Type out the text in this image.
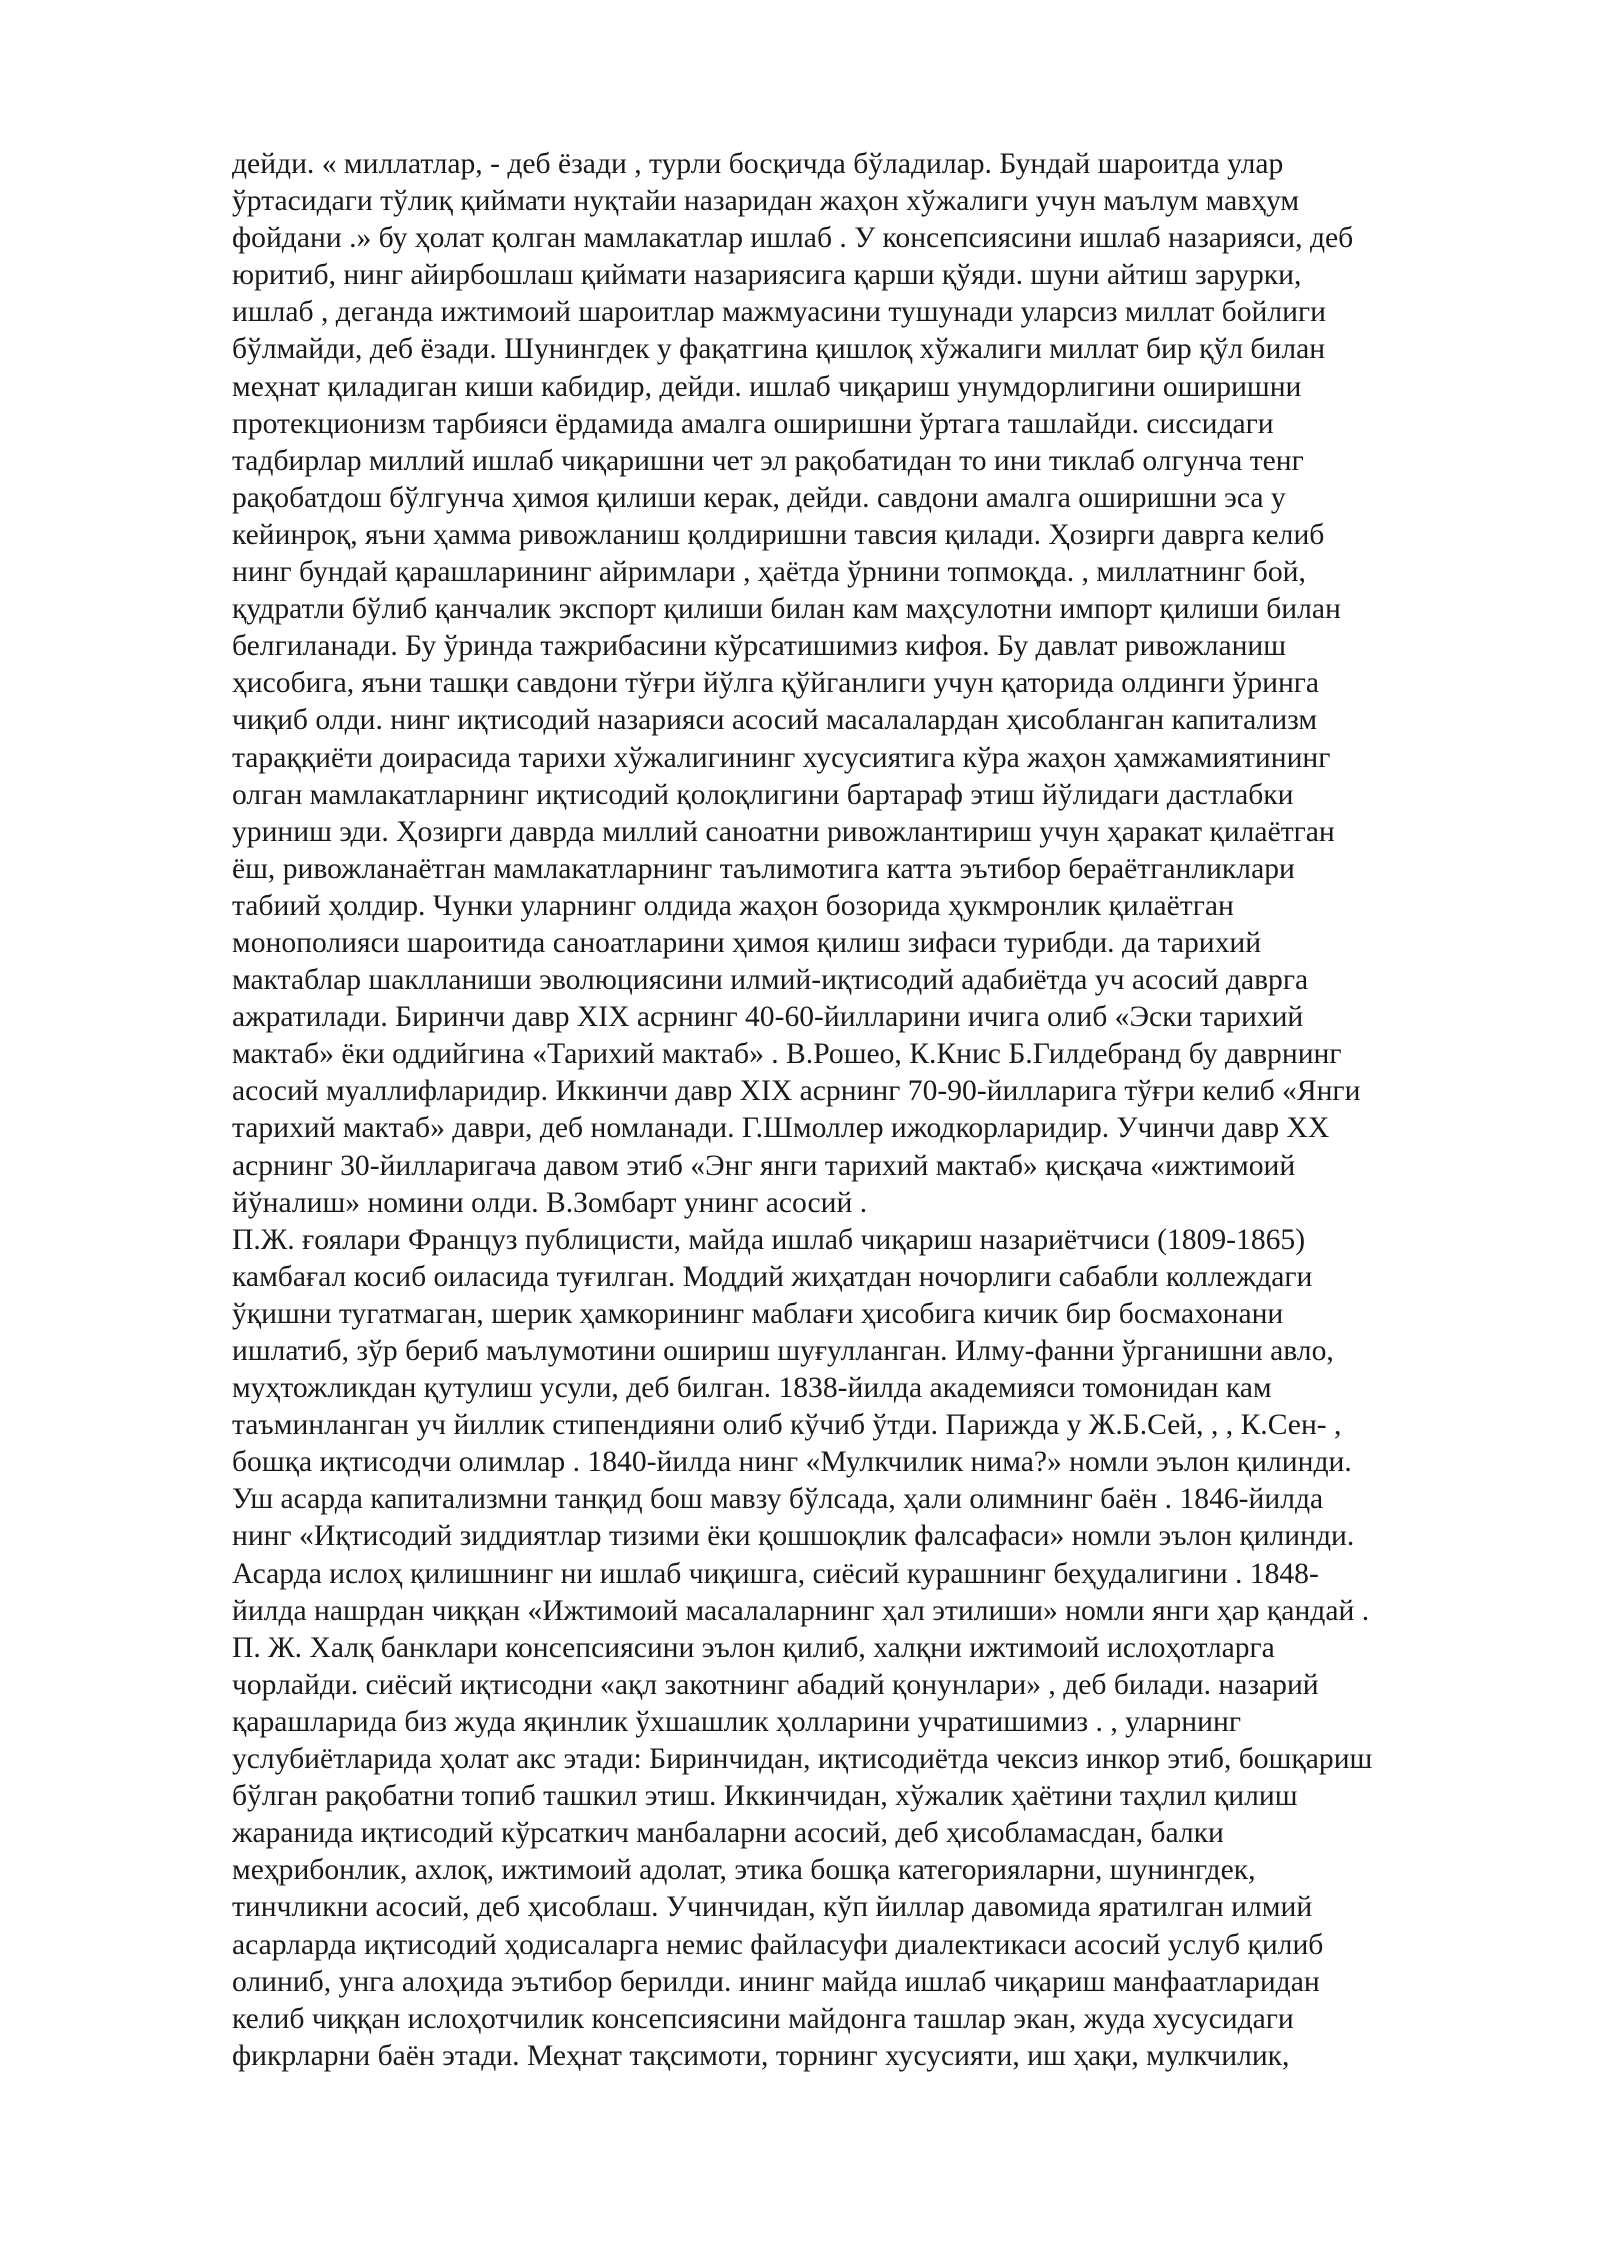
дейди. « миллатлар, - деб ёзади , турли босқичда бўладилар. Бундай шароитда улар
ўртасидаги тўлиқ қиймати нуқтайи назаридан жаҳон хўжалиги учун маълум мавҳум
фойдани .» бу ҳолат қолган мамлакатлар ишлаб . У консепсиясини ишлаб назарияси, деб
юритиб, нинг айирбошлаш қиймати назариясига қарши қўяди. шуни айтиш зарурки,
ишлаб , деганда ижтимоий шароитлар мажмуасини тушунади уларсиз миллат бойлиги
бўлмайди, деб ёзади. Шунингдек у фақатгина қишлоқ хўжалиги миллат бир қўл билан
меҳнат қиладиган киши кабидир, дейди. ишлаб чиқариш унумдорлигини оширишни
протекционизм тарбияси ёрдамида амалга оширишни ўртага ташлайди. сиссидаги
тадбирлар миллий ишлаб чиқаришни чет эл рақобатидан то ини тиклаб олгунча тенг
рақобатдош бўлгунча ҳимоя қилиши керак, дейди. савдони амалга оширишни эса у
кейинроқ, яъни ҳамма ривожланиш қолдиришни тавсия қилади. Ҳозирги даврга келиб
нинг бундай қарашларининг айримлари , ҳаётда ўрнини топмоқда. , миллатнинг бой,
қудратли бўлиб қанчалик экспорт қилиши билан кам маҳсулотни импорт қилиши билан
белгиланади. Бу ўринда тажрибасини кўрсатишимиз кифоя. Бу давлат ривожланиш
ҳисобига, яъни ташқи савдони тўғри йўлга қўйганлиги учун қаторида олдинги ўринга
чиқиб олди. нинг иқтисодий назарияси асосий масалалардан ҳисобланган капитализм
тараққиёти доирасида тарихи хўжалигининг хусусиятига кўра жаҳон ҳамжамиятининг
олган мамлакатларнинг иқтисодий қолоқлигини бартараф этиш йўлидаги дастлабки
уриниш эди. Ҳозирги даврда миллий саноатни ривожлантириш учун ҳаракат қилаётган
ёш, ривожланаётган мамлакатларнинг таълимотига катта эътибор бераётганликлари
табиий ҳолдир. Чунки уларнинг олдида жаҳон бозорида ҳукмронлик қилаётган
монополияси шароитида саноатларини ҳимоя қилиш зифаси турибди. да тарихий
мактаблар шаклланиши эволюциясини илмий-иқтисодий адабиётда уч асосий даврга
ажратилади. Биринчи давр XIX асрнинг 40-60-йилларини ичига олиб «Эски тарихий
мактаб» ёки оддийгина «Тарихий мактаб» . В.Рошео, К.Книс Б.Гилдебранд бу даврнинг
асосий муаллифларидир. Иккинчи давр XIX асрнинг 70-90-йилларига тўғри келиб «Янги
тарихий мактаб» даври, деб номланади. Г.Шмоллер ижодкорларидир. Учинчи давр XX
асрнинг 30-йилларигача давом этиб «Энг янги тарихий мактаб» қисқача «ижтимоий
йўналиш» номини олди. В.Зомбарт унинг асосий .
П.Ж. ғоялари Француз публицисти, майда ишлаб чиқариш назариётчиси (1809-1865)
камбағал косиб оиласида туғилган. Моддий жиҳатдан ночорлиги сабабли коллеждаги
ўқишни тугатмаган, шерик ҳамкорининг маблағи ҳисобига кичик бир босмахонани
ишлатиб, зўр бериб маълумотини ошириш шуғулланган. Илму-фанни ўрганишни авло,
муҳтожликдан қутулиш усули, деб билган. 1838-йилда академияси томонидан кам
таъминланган уч йиллик стипендияни олиб кўчиб ўтди. Парижда у Ж.Б.Сей, , , К.Сен- ,
бошқа иқтисодчи олимлар . 1840-йилда нинг «Мулкчилик нима?» номли эълон қилинди.
Уш асарда капитализмни танқид бош мавзу бўлсада, ҳали олимнинг баён . 1846-йилда
нинг «Иқтисодий зиддиятлар тизими ёки қошшоқлик фалсафаси» номли эълон қилинди.
Асарда ислоҳ қилишнинг ни ишлаб чиқишга, сиёсий курашнинг беҳудалигини . 1848-
йилда нашрдан чиққан «Ижтимоий масалаларнинг ҳал этилиши» номли янги ҳар қандай .
П. Ж. Халқ банклари консепсиясини эълон қилиб, халқни ижтимоий ислоҳотларга
чорлайди. сиёсий иқтисодни «ақл закотнинг абадий қонунлари» , деб билади. назарий
қарашларида биз жуда яқинлик ўхшашлик ҳолларини учратишимиз . , уларнинг
услубиётларида ҳолат акс этади: Биринчидан, иқтисодиётда чексиз инкор этиб, бошқариш
бўлган рақобатни топиб ташкил этиш. Иккинчидан, хўжалик ҳаётини таҳлил қилиш
жаранида иқтисодий кўрсаткич манбаларни асосий, деб ҳисобламасдан, балки
меҳрибонлик, ахлоқ, ижтимоий адолат, этика бошқа категорияларни, шунингдек,
тинчликни асосий, деб ҳисоблаш. Учинчидан, кўп йиллар давомида яратилган илмий
асарларда иқтисодий ҳодисаларга немис файласуфи диалектикаси асосий услуб қилиб
олиниб, унга алоҳида эътибор берилди. ининг майда ишлаб чиқариш манфаатларидан
келиб чиққан ислоҳотчилик консепсиясини майдонга ташлар экан, жуда хусусидаги
фикрларни баён этади. Меҳнат тақсимоти, торнинг хусусияти, иш ҳақи, мулкчилик,
